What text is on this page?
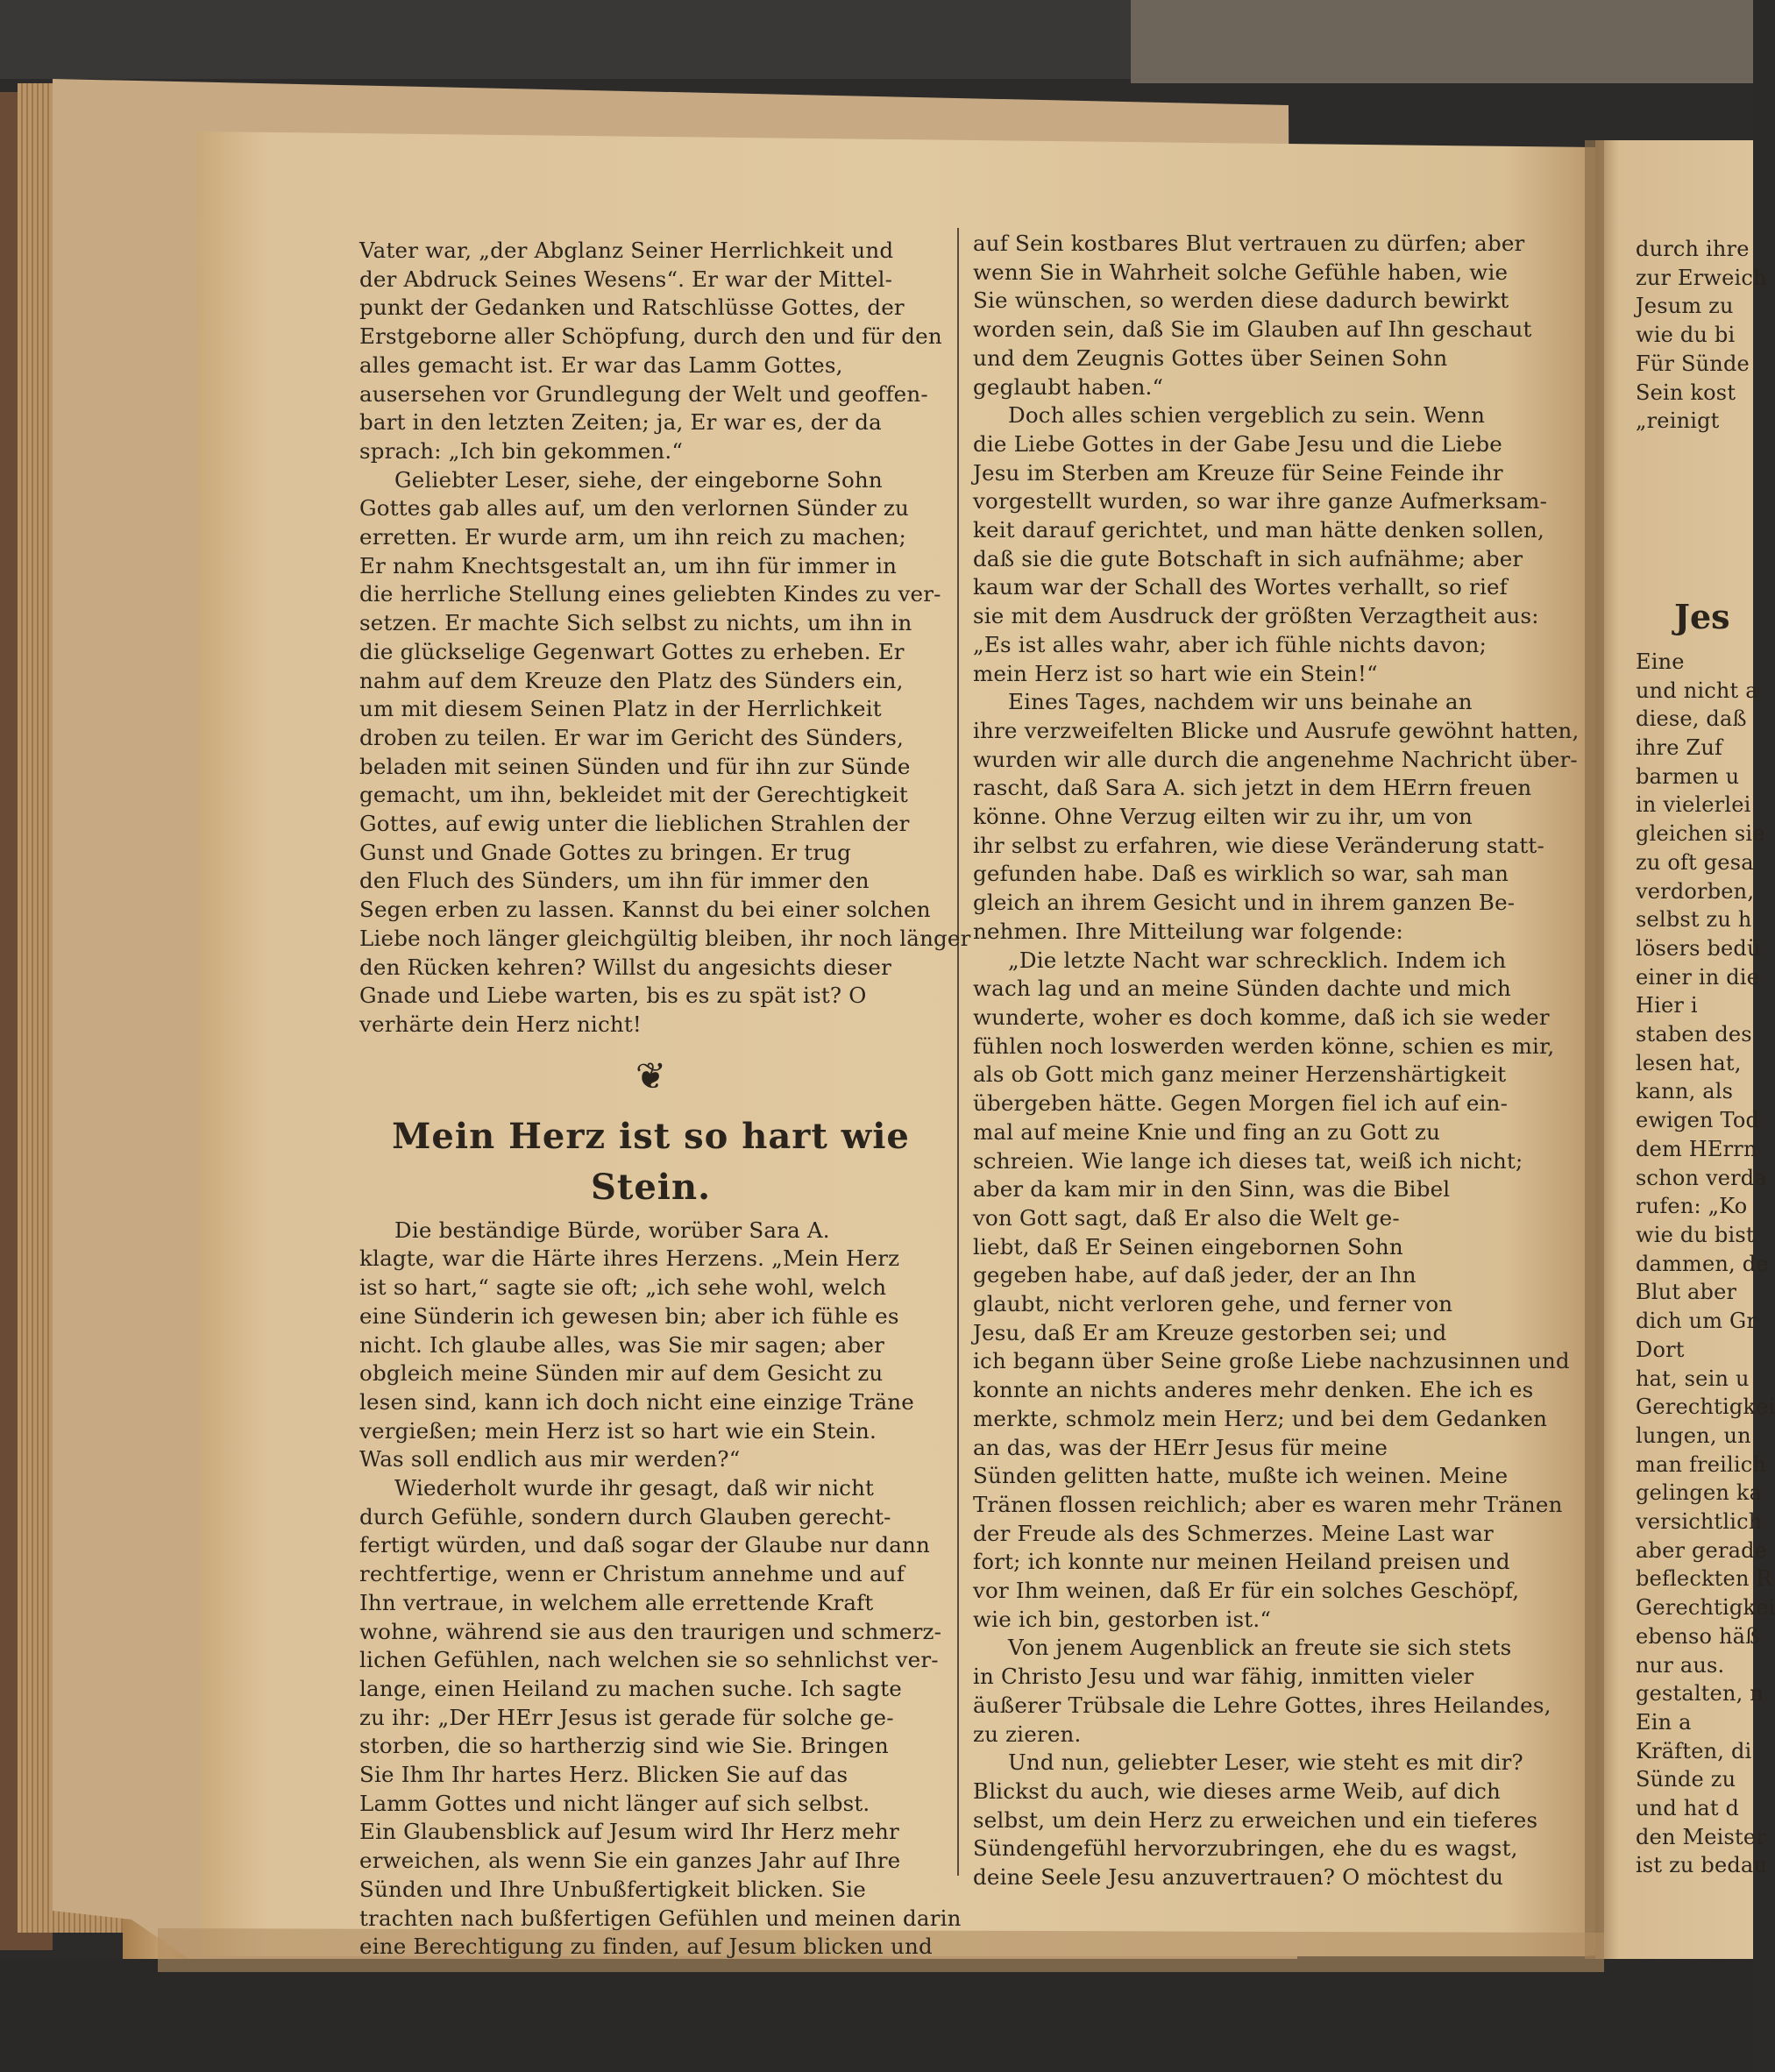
Vater war, „der Abglanz Seiner Herrlichkeit und
der Abdruck Seines Wesens“. Er war der Mittel-
punkt der Gedanken und Ratschlüsse Gottes, der
Erstgeborne aller Schöpfung, durch den und für den
alles gemacht ist. Er war das Lamm Gottes,
ausersehen vor Grundlegung der Welt und geoffen-
bart in den letzten Zeiten; ja, Er war es, der da
sprach: „Ich bin gekommen.“
Geliebter Leser, siehe, der eingeborne Sohn
Gottes gab alles auf, um den verlornen Sünder zu
erretten. Er wurde arm, um ihn reich zu machen;
Er nahm Knechtsgestalt an, um ihn für immer in
die herrliche Stellung eines geliebten Kindes zu ver-
setzen. Er machte Sich selbst zu nichts, um ihn in
die glückselige Gegenwart Gottes zu erheben. Er
nahm auf dem Kreuze den Platz des Sünders ein,
um mit diesem Seinen Platz in der Herrlichkeit
droben zu teilen. Er war im Gericht des Sünders,
beladen mit seinen Sünden und für ihn zur Sünde
gemacht, um ihn, bekleidet mit der Gerechtigkeit
Gottes, auf ewig unter die lieblichen Strahlen der
Gunst und Gnade Gottes zu bringen. Er trug
den Fluch des Sünders, um ihn für immer den
Segen erben zu lassen. Kannst du bei einer solchen
Liebe noch länger gleichgültig bleiben, ihr noch länger
den Rücken kehren? Willst du angesichts dieser
Gnade und Liebe warten, bis es zu spät ist? O
verhärte dein Herz nicht!
❦
Mein Herz ist so hart wie Stein.
Die beständige Bürde, worüber Sara A.
klagte, war die Härte ihres Herzens. „Mein Herz
ist so hart,“ sagte sie oft; „ich sehe wohl, welch
eine Sünderin ich gewesen bin; aber ich fühle es
nicht. Ich glaube alles, was Sie mir sagen; aber
obgleich meine Sünden mir auf dem Gesicht zu
lesen sind, kann ich doch nicht eine einzige Träne
vergießen; mein Herz ist so hart wie ein Stein.
Was soll endlich aus mir werden?“
Wiederholt wurde ihr gesagt, daß wir nicht
durch Gefühle, sondern durch Glauben gerecht-
fertigt würden, und daß sogar der Glaube nur dann
rechtfertige, wenn er Christum annehme und auf
Ihn vertraue, in welchem alle errettende Kraft
wohne, während sie aus den traurigen und schmerz-
lichen Gefühlen, nach welchen sie so sehnlichst ver-
lange, einen Heiland zu machen suche. Ich sagte
zu ihr: „Der HErr Jesus ist gerade für solche ge-
storben, die so hartherzig sind wie Sie. Bringen
Sie Ihm Ihr hartes Herz. Blicken Sie auf das
Lamm Gottes und nicht länger auf sich selbst.
Ein Glaubensblick auf Jesum wird Ihr Herz mehr
erweichen, als wenn Sie ein ganzes Jahr auf Ihre
Sünden und Ihre Unbußfertigkeit blicken. Sie
trachten nach bußfertigen Gefühlen und meinen darin
eine Berechtigung zu finden, auf Jesum blicken und
auf Sein kostbares Blut vertrauen zu dürfen; aber
wenn Sie in Wahrheit solche Gefühle haben, wie
Sie wünschen, so werden diese dadurch bewirkt
worden sein, daß Sie im Glauben auf Ihn geschaut
und dem Zeugnis Gottes über Seinen Sohn
geglaubt haben.“
Doch alles schien vergeblich zu sein. Wenn
die Liebe Gottes in der Gabe Jesu und die Liebe
Jesu im Sterben am Kreuze für Seine Feinde ihr
vorgestellt wurden, so war ihre ganze Aufmerksam-
keit darauf gerichtet, und man hätte denken sollen,
daß sie die gute Botschaft in sich aufnähme; aber
kaum war der Schall des Wortes verhallt, so rief
sie mit dem Ausdruck der größten Verzagtheit aus:
„Es ist alles wahr, aber ich fühle nichts davon;
mein Herz ist so hart wie ein Stein!“
Eines Tages, nachdem wir uns beinahe an
ihre verzweifelten Blicke und Ausrufe gewöhnt hatten,
wurden wir alle durch die angenehme Nachricht über-
rascht, daß Sara A. sich jetzt in dem HErrn freuen
könne. Ohne Verzug eilten wir zu ihr, um von
ihr selbst zu erfahren, wie diese Veränderung statt-
gefunden habe. Daß es wirklich so war, sah man
gleich an ihrem Gesicht und in ihrem ganzen Be-
nehmen. Ihre Mitteilung war folgende:
„Die letzte Nacht war schrecklich. Indem ich
wach lag und an meine Sünden dachte und mich
wunderte, woher es doch komme, daß ich sie weder
fühlen noch loswerden werden könne, schien es mir,
als ob Gott mich ganz meiner Herzenshärtigkeit
übergeben hätte. Gegen Morgen fiel ich auf ein-
mal auf meine Knie und fing an zu Gott zu
schreien. Wie lange ich dieses tat, weiß ich nicht;
aber da kam mir in den Sinn, was die Bibel
von Gott sagt, daß Er also die Welt ge-
liebt, daß Er Seinen eingebornen Sohn
gegeben habe, auf daß jeder, der an Ihn
glaubt, nicht verloren gehe, und ferner von
Jesu, daß Er am Kreuze gestorben sei; und
ich begann über Seine große Liebe nachzusinnen und
konnte an nichts anderes mehr denken. Ehe ich es
merkte, schmolz mein Herz; und bei dem Gedanken
an das, was der HErr Jesus für meine
Sünden gelitten hatte, mußte ich weinen. Meine
Tränen flossen reichlich; aber es waren mehr Tränen
der Freude als des Schmerzes. Meine Last war
fort; ich konnte nur meinen Heiland preisen und
vor Ihm weinen, daß Er für ein solches Geschöpf,
wie ich bin, gestorben ist.“
Von jenem Augenblick an freute sie sich stets
in Christo Jesu und war fähig, inmitten vieler
äußerer Trübsale die Lehre Gottes, ihres Heilandes,
zu zieren.
Und nun, geliebter Leser, wie steht es mit dir?
Blickst du auch, wie dieses arme Weib, auf dich
selbst, um dein Herz zu erweichen und ein tieferes
Sündengefühl hervorzubringen, ehe du es wagst,
deine Seele Jesu anzuvertrauen? O möchtest du
durch ihre
zur Erweich
Jesum zu
wie du bi
Für Sünde
Sein kost
„reinigt
Jes
Eine
und nicht a
diese, daß
ihre Zuf
barmen u
in vielerlei
gleichen sie
zu oft gesa
verdorben,
selbst zu h
lösers bedü
einer in die
Hier i
staben des
lesen hat,
kann, als
ewigen Tod
dem HErrn
schon verda
rufen: „Ko
wie du bist
dammen, de
Blut aber
dich um Gr
Dort
hat, sein u
Gerechtigkei
lungen, un
man freilich
gelingen ka
versichtlich
aber gerade
befleckten R
Gerechtigkei
ebenso häß
nur aus.
gestalten, n
Ein a
Kräften, di
Sünde zu
und hat d
den Meister
ist zu bedau
